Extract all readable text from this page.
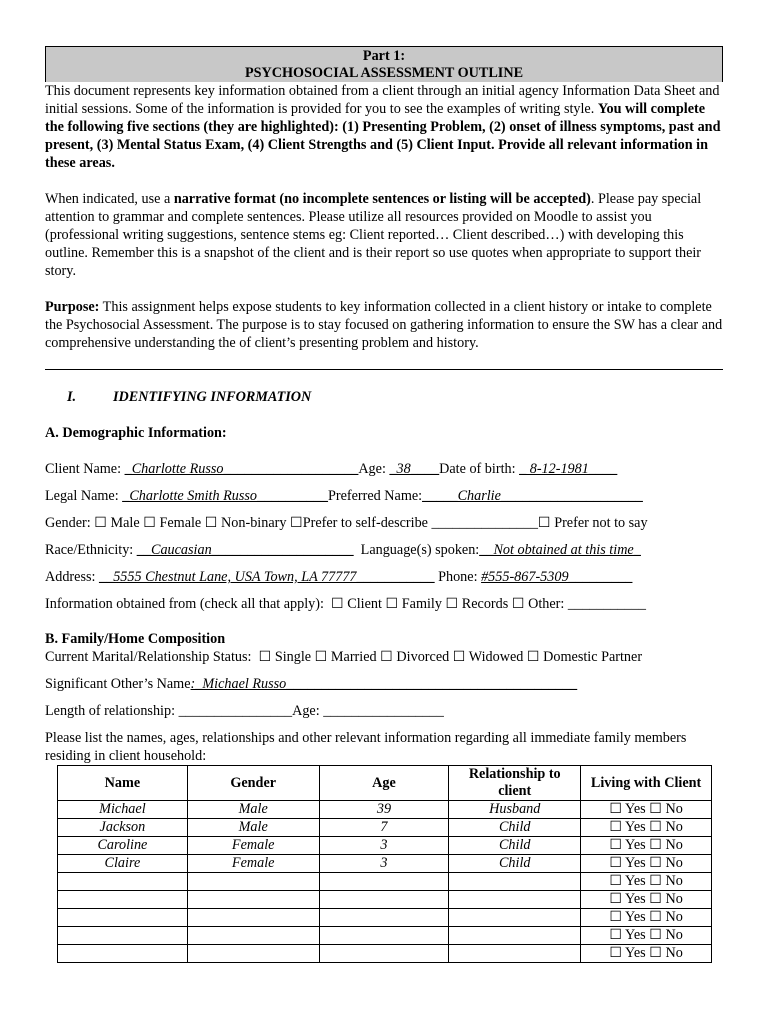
Part 1:
PSYCHOSOCIAL ASSESSMENT OUTLINE

This document represents key information obtained from a client through an initial agency Information Data Sheet and initial sessions. Some of the information is provided for you to see the examples of writing style. You will complete the following five sections (they are highlighted): (1) Presenting Problem, (2) onset of illness symptoms, past and present, (3) Mental Status Exam, (4) Client Strengths and (5) Client Input. Provide all relevant information in these areas.

When indicated, use a narrative format (no incomplete sentences or listing will be accepted). Please pay special attention to grammar and complete sentences. Please utilize all resources provided on Moodle to assist you (professional writing suggestions, sentence stems eg: Client reported… Client described…) with developing this outline. Remember this is a snapshot of the client and is their report so use quotes when appropriate to support their story.

Purpose: This assignment helps expose students to key information collected in a client history or intake to complete the Psychosocial Assessment. The purpose is to stay focused on gathering information to ensure the SW has a clear and comprehensive understanding the of client’s presenting problem and history.

I.	IDENTIFYING INFORMATION
A. Demographic Information:
Client Name: _Charlotte Russo___________________Age: _38____Date of birth: _ 8-12-1981____
Legal Name: _Charlotte Smith Russo__________Preferred Name:_____Charlie____________________
Gender: ☐ Male ☐ Female ☐ Non-binary ☐Prefer to self-describe _______________☐ Prefer not to say
Race/Ethnicity: __Caucasian____________________  Language(s) spoken:__Not obtained at this time_
Address: __5555 Chestnut Lane, USA Town, LA 77777___________ Phone: #555-867-5309_________
Information obtained from (check all that apply):  ☐ Client ☐ Family ☐ Records ☐ Other: ___________
B. Family/Home Composition
Current Marital/Relationship Status:  ☐ Single ☐ Married ☐ Divorced ☐ Widowed ☐ Domestic Partner
Significant Other’s Name:_Michael Russo_________________________________________
Length of relationship: ________________Age: _________________
Please list the names, ages, relationships and other relevant information regarding all immediate family members residing in client household:
Name	Gender	Age	Relationship to client	Living with Client
Michael	Male	39	Husband	☐ Yes ☐ No
Jackson	Male	7	Child	☐ Yes ☐ No
Caroline	Female	3	Child	☐ Yes ☐ No
Claire	Female	3	Child	☐ Yes ☐ No
				☐ Yes ☐ No
				☐ Yes ☐ No
				☐ Yes ☐ No
				☐ Yes ☐ No
				☐ Yes ☐ No
